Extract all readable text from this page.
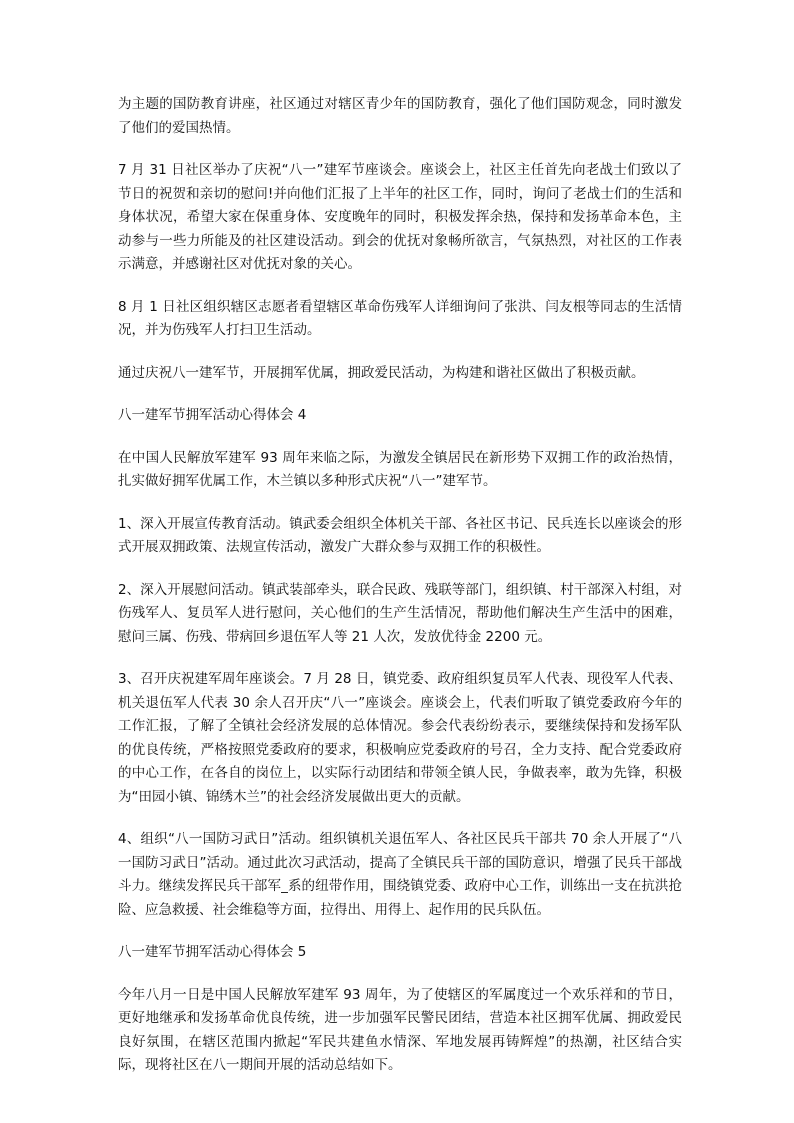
为主题的国防教育讲座，社区通过对辖区青少年的国防教育，强化了他们国防观念，同时激发了他们的爱国热情。

7 月 31 日社区举办了庆祝“八一”建军节座谈会。座谈会上，社区主任首先向老战士们致以了节日的祝贺和亲切的慰问!并向他们汇报了上半年的社区工作，同时，询问了老战士们的生活和身体状况，希望大家在保重身体、安度晚年的同时，积极发挥余热，保持和发扬革命本色，主动参与一些力所能及的社区建设活动。到会的优抚对象畅所欲言，气氛热烈，对社区的工作表示满意，并感谢社区对优抚对象的关心。

8 月 1 日社区组织辖区志愿者看望辖区革命伤残军人详细询问了张洪、闫友根等同志的生活情况，并为伤残军人打扫卫生活动。

通过庆祝八一建军节，开展拥军优属，拥政爱民活动，为构建和谐社区做出了积极贡献。

八一建军节拥军活动心得体会 4

在中国人民解放军建军 93 周年来临之际，为激发全镇居民在新形势下双拥工作的政治热情，扎实做好拥军优属工作，木兰镇以多种形式庆祝“八一”建军节。

1、深入开展宣传教育活动。镇武委会组织全体机关干部、各社区书记、民兵连长以座谈会的形式开展双拥政策、法规宣传活动，激发广大群众参与双拥工作的积极性。

2、深入开展慰问活动。镇武装部牵头，联合民政、残联等部门，组织镇、村干部深入村组，对伤残军人、复员军人进行慰问，关心他们的生产生活情况，帮助他们解决生产生活中的困难，慰问三属、伤残、带病回乡退伍军人等 21 人次，发放优待金 2200 元。

3、召开庆祝建军周年座谈会。7 月 28 日，镇党委、政府组织复员军人代表、现役军人代表、机关退伍军人代表 30 余人召开庆“八一”座谈会。座谈会上，代表们听取了镇党委政府今年的工作汇报，了解了全镇社会经济发展的总体情况。参会代表纷纷表示，要继续保持和发扬军队的优良传统，严格按照党委政府的要求，积极响应党委政府的号召，全力支持、配合党委政府的中心工作，在各自的岗位上，以实际行动团结和带领全镇人民，争做表率，敢为先锋，积极为“田园小镇、锦绣木兰”的社会经济发展做出更大的贡献。

4、组织“八一国防习武日”活动。组织镇机关退伍军人、各社区民兵干部共 70 余人开展了“八一国防习武日”活动。通过此次习武活动，提高了全镇民兵干部的国防意识，增强了民兵干部战斗力。继续发挥民兵干部军_系的纽带作用，围绕镇党委、政府中心工作，训练出一支在抗洪抢险、应急救援、社会维稳等方面，拉得出、用得上、起作用的民兵队伍。

八一建军节拥军活动心得体会 5

今年八月一日是中国人民解放军建军 93 周年，为了使辖区的军属度过一个欢乐祥和的节日，更好地继承和发扬革命优良传统，进一步加强军民警民团结，营造本社区拥军优属、拥政爱民良好氛围，在辖区范围内掀起“军民共建鱼水情深、军地发展再铸辉煌”的热潮，社区结合实际，现将社区在八一期间开展的活动总结如下。
